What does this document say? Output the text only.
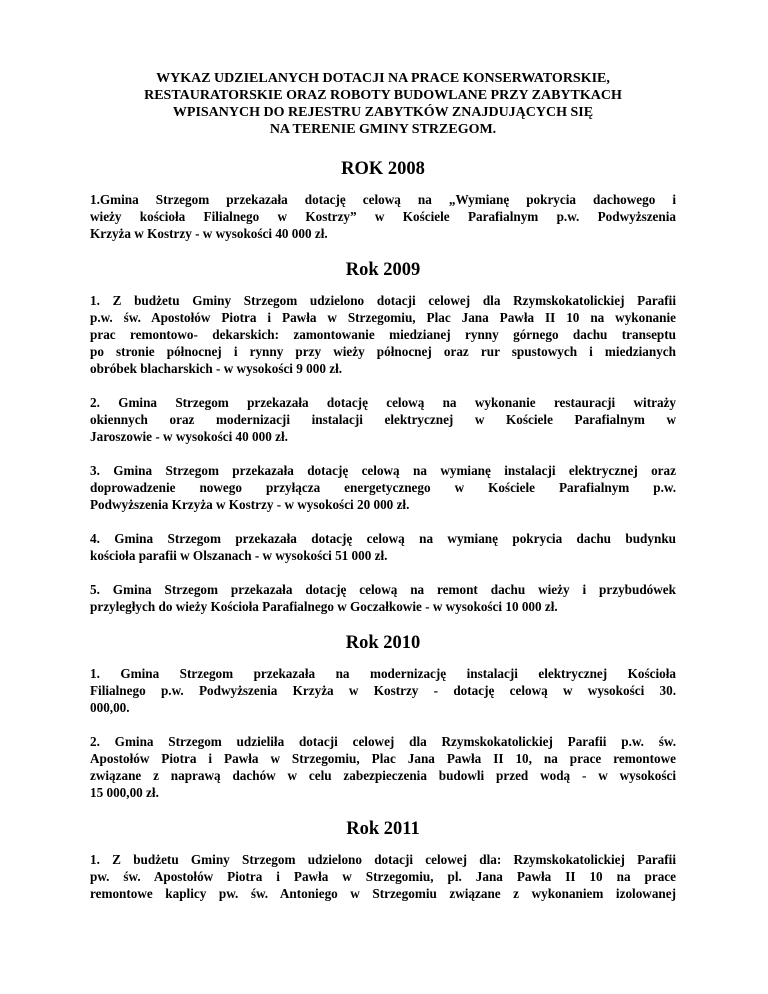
WYKAZ UDZIELANYCH DOTACJI NA PRACE KONSERWATORSKIE,
RESTAURATORSKIE ORAZ ROBOTY BUDOWLANE PRZY ZABYTKACH
WPISANYCH DO REJESTRU ZABYTKÓW ZNAJDUJĄCYCH SIĘ
NA TERENIE GMINY STRZEGOM.
ROK 2008
1.Gmina Strzegom przekazała dotację celową na „Wymianę pokrycia dachowego i
wieży kościoła Filialnego w Kostrzy” w Kościele Parafialnym p.w. Podwyższenia
Krzyża w Kostrzy - w wysokości 40 000 zł.
Rok 2009
1. Z budżetu Gminy Strzegom udzielono dotacji celowej dla Rzymskokatolickiej Parafii
p.w. św. Apostołów Piotra i Pawła w Strzegomiu, Plac Jana Pawła II 10 na wykonanie
prac remontowo- dekarskich: zamontowanie miedzianej rynny górnego dachu transeptu
po stronie północnej i rynny przy wieży północnej oraz rur spustowych i miedzianych
obróbek blacharskich - w wysokości 9 000 zł.
2. Gmina Strzegom przekazała dotację celową na wykonanie restauracji witraży
okiennych oraz modernizacji instalacji elektrycznej w Kościele Parafialnym w
Jaroszowie - w wysokości 40 000 zł.
3. Gmina Strzegom przekazała dotację celową na wymianę instalacji elektrycznej oraz
doprowadzenie nowego przyłącza energetycznego w Kościele Parafialnym p.w.
Podwyższenia Krzyża w Kostrzy - w wysokości 20 000 zł.
4. Gmina Strzegom przekazała dotację celową na wymianę pokrycia dachu budynku
kościoła parafii w Olszanach - w wysokości 51 000 zł.
5. Gmina Strzegom przekazała dotację celową na remont dachu wieży i przybudówek
przyległych do wieży Kościoła Parafialnego w Goczałkowie - w wysokości 10 000 zł.
Rok 2010
1. Gmina Strzegom przekazała na modernizację instalacji elektrycznej Kościoła
Filialnego p.w. Podwyższenia Krzyża w Kostrzy - dotację celową w wysokości 30.
000,00.
2. Gmina Strzegom udzieliła dotacji celowej dla Rzymskokatolickiej Parafii p.w. św.
Apostołów Piotra i Pawła w Strzegomiu, Plac Jana Pawła II 10, na prace remontowe
związane z naprawą dachów w celu zabezpieczenia budowli przed wodą - w wysokości
15 000,00 zł.
Rok 2011
1. Z budżetu Gminy Strzegom udzielono dotacji celowej dla: Rzymskokatolickiej Parafii
pw. św. Apostołów Piotra i Pawła w Strzegomiu, pl. Jana Pawła II 10 na prace
remontowe kaplicy pw. św. Antoniego w Strzegomiu związane z wykonaniem izolowanej
